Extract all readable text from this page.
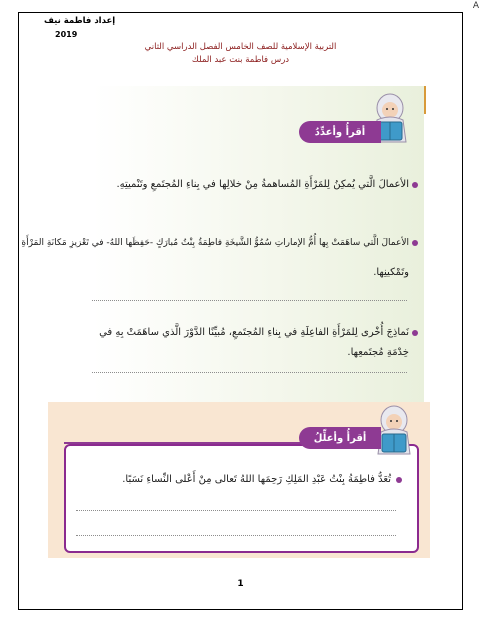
A
إعداد فاطمة نيف
2019
التربية الإسلامية للصف الخامس الفصل الدراسي الثاني
درس فاطمة بنت عبد الملك
أقرأُ وأعدِّدُ
الأعمالَ الَّتي يُمكِنُ لِلمَرْأَةِ المُساهمةُ مِنْ خلالِها في بِناءِ المُجتَمعِ وتَنْميتِهِ.
الأعمالَ الَّتي ساهَمَتْ بِها أُمُّ الإماراتِ سُمُوُّ الشَّيخَةِ فاطِمَةُ بِنْتُ مُبارَكٍ -حَفِظَها اللهُ- في تَعْزيزِ مَكانَةِ المَرْأَةِ
وتَمْكينِها.
نَماذِجَ أُخْرى لِلمَرْأَةِ الفاعِلَةِ في بِناءِ المُجتَمعِ، مُبيِّنًا الدَّوْرَ الَّذي ساهَمَتْ بِهِ في خِدْمَةِ مُجتَمعِها.
أقرأُ وأعلِّلُ
تُعَدُّ فاطِمَةُ بِنْتُ عَبْدِ المَلِكِ رَحِمَها اللهُ تَعالى مِنْ أَعْلى النِّساءِ نَسَبًا.
1
